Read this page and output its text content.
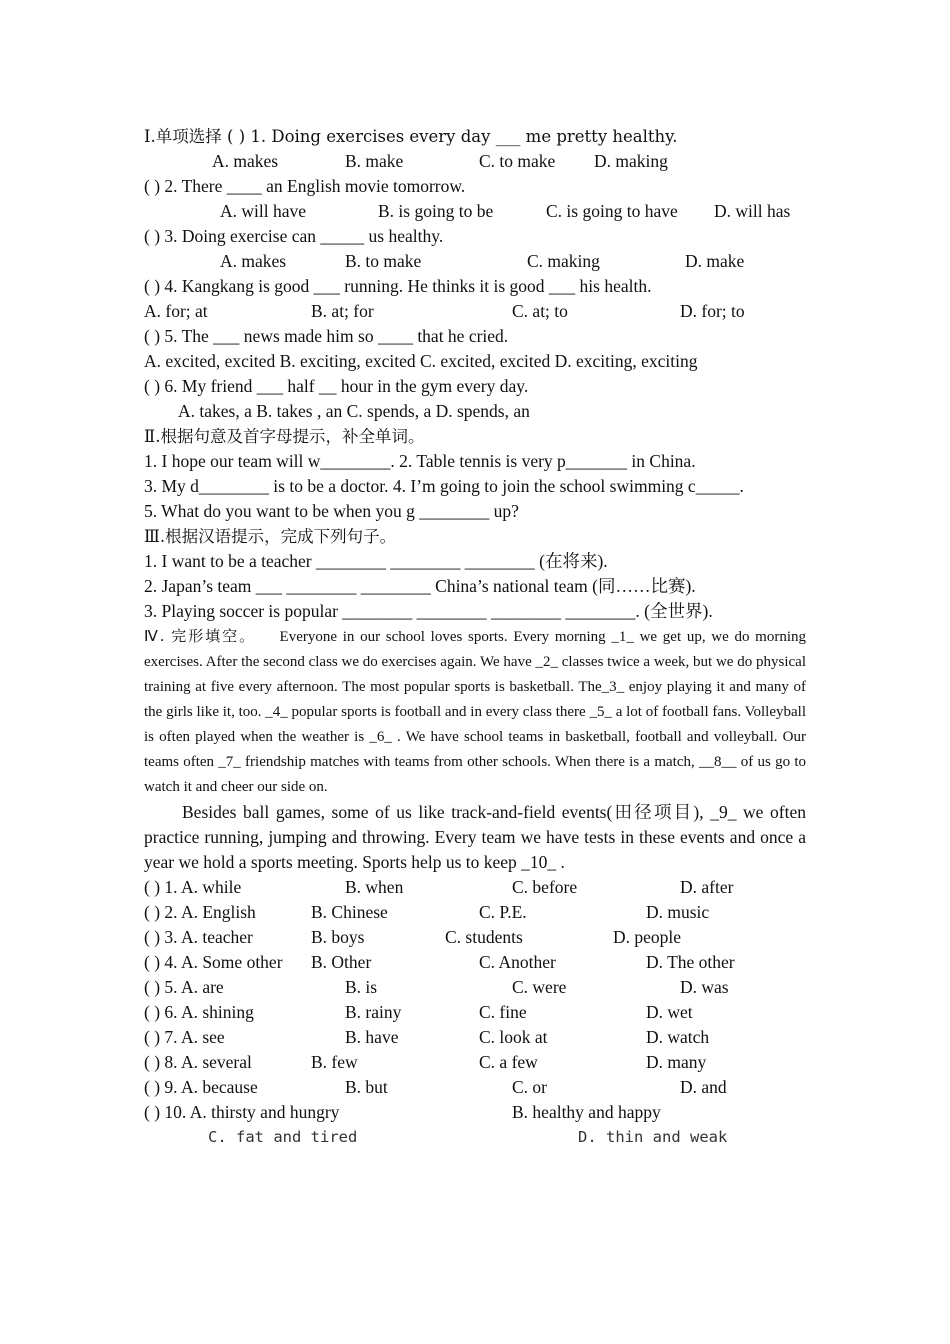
Ⅰ.单项选择 ( ) 1. Doing exercises every day ___ me pretty healthy.
A. makes	B. make	C. to make D. making
( ) 2. There ____ an English movie tomorrow.
A. will have	B. is going to be	C. is going to have D. will has
( ) 3. Doing exercise can _____ us healthy.
A. makes	B. to make	C. making	D. make
( ) 4. Kangkang is good ___ running. He thinks it is good ___ his health.
A. for; at	B. at; for	C. at; to	D. for; to
( ) 5. The ___ news made him so ____ that he cried.
A. excited, excited B. exciting, excited C. excited, excited D. exciting, exciting
( ) 6. My friend ___ half __ hour in the gym every day.
A. takes, a B. takes , an C. spends, a D. spends, an
Ⅱ.根据句意及首字母提示，补全单词。
1. I hope our team will w________. 2. Table tennis is very p_______ in China.
3. My d________ is to be a doctor. 4. I’m going to join the school swimming c_____.
5. What do you want to be when you g ________ up?
Ⅲ.根据汉语提示，完成下列句子。
1. I want to be a teacher ________ ________ ________ (在将来).
2. Japan’s team ___ ________ ________ China’s national team (同……比赛).
3. Playing soccer is popular ________ ________ ________ ________. (全世界).
Ⅳ. 完形填空。 Everyone in our school loves sports. Every morning _1_ we get up, we do morning exercises. After the second class we do exercises again. We have _2_ classes twice a week, but we do physical training at five every afternoon. The most popular sports is basketball. The_3_ enjoy playing it and many of the girls like it, too. _4_ popular sports is football and in every class there _5_ a lot of football fans. Volleyball is often played when the weather is _6_ . We have school teams in basketball, football and volleyball. Our teams often _7_ friendship matches with teams from other schools. When there is a match, __8__ of us go to watch it and cheer our side on.
Besides ball games, some of us like track-and-field events(田径项目), _9_ we often practice running, jumping and throwing. Every team we have tests in these events and once a year we hold a sports meeting. Sports help us to keep _10_ .
( ) 1. A. while	B. when	C. before	D. after
( ) 2. A. English	B. Chinese	C. P.E.	D. music
( ) 3. A. teacher	B. boys	C. students	D. people
( ) 4. A. Some other B. Other	C. Another	D. The other
( ) 5. A. are	B. is	C. were	D. was
( ) 6. A. shining	B. rainy	C. fine	D. wet
( ) 7. A. see	B. have	C. look at	D. watch
( ) 8. A. several	B. few	C. a few	D. many
( ) 9. A. because	B. but	C. or	D. and
( ) 10. A. thirsty and hungry	B. healthy and happy
C. fat and tired	D. thin and weak
